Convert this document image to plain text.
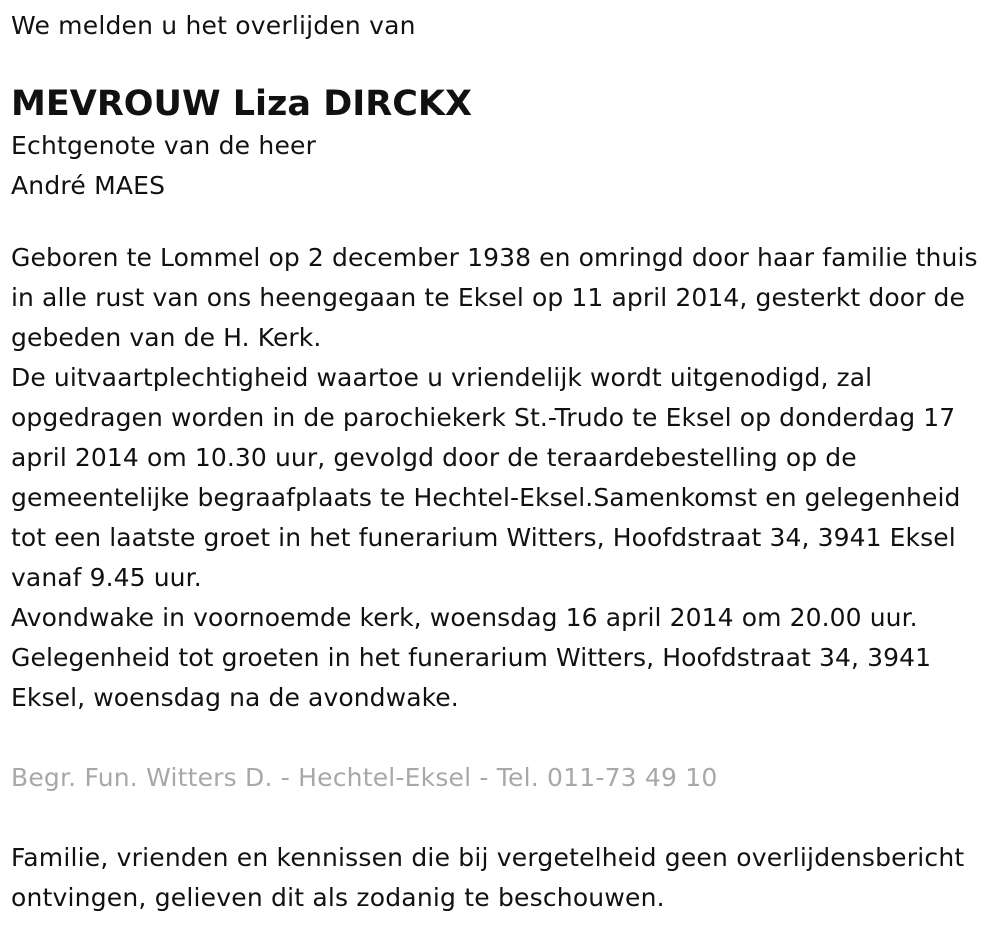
We melden u het overlijden van

MEVROUW Liza DIRCKX
Echtgenote van de heer
André MAES

Geboren te Lommel op 2 december 1938 en omringd door haar familie thuis in alle rust van ons heengegaan te Eksel op 11 april 2014, gesterkt door de gebeden van de H. Kerk.

De uitvaartplechtigheid waartoe u vriendelijk wordt uitgenodigd, zal opgedragen worden in de parochiekerk St.-Trudo te Eksel op donderdag 17 april 2014 om 10.30 uur, gevolgd door de teraardebestelling op de gemeentelijke begraafplaats te Hechtel-Eksel.Samenkomst en gelegenheid tot een laatste groet in het funerarium Witters, Hoofdstraat 34, 3941 Eksel vanaf 9.45 uur.

Avondwake in voornoemde kerk, woensdag 16 april 2014 om 20.00 uur.

Gelegenheid tot groeten in het funerarium Witters, Hoofdstraat 34, 3941 Eksel, woensdag na de avondwake.

Begr. Fun. Witters D. - Hechtel-Eksel - Tel. 011-73 49 10

Familie, vrienden en kennissen die bij vergetelheid geen overlijdensbericht ontvingen, gelieven dit als zodanig te beschouwen.
